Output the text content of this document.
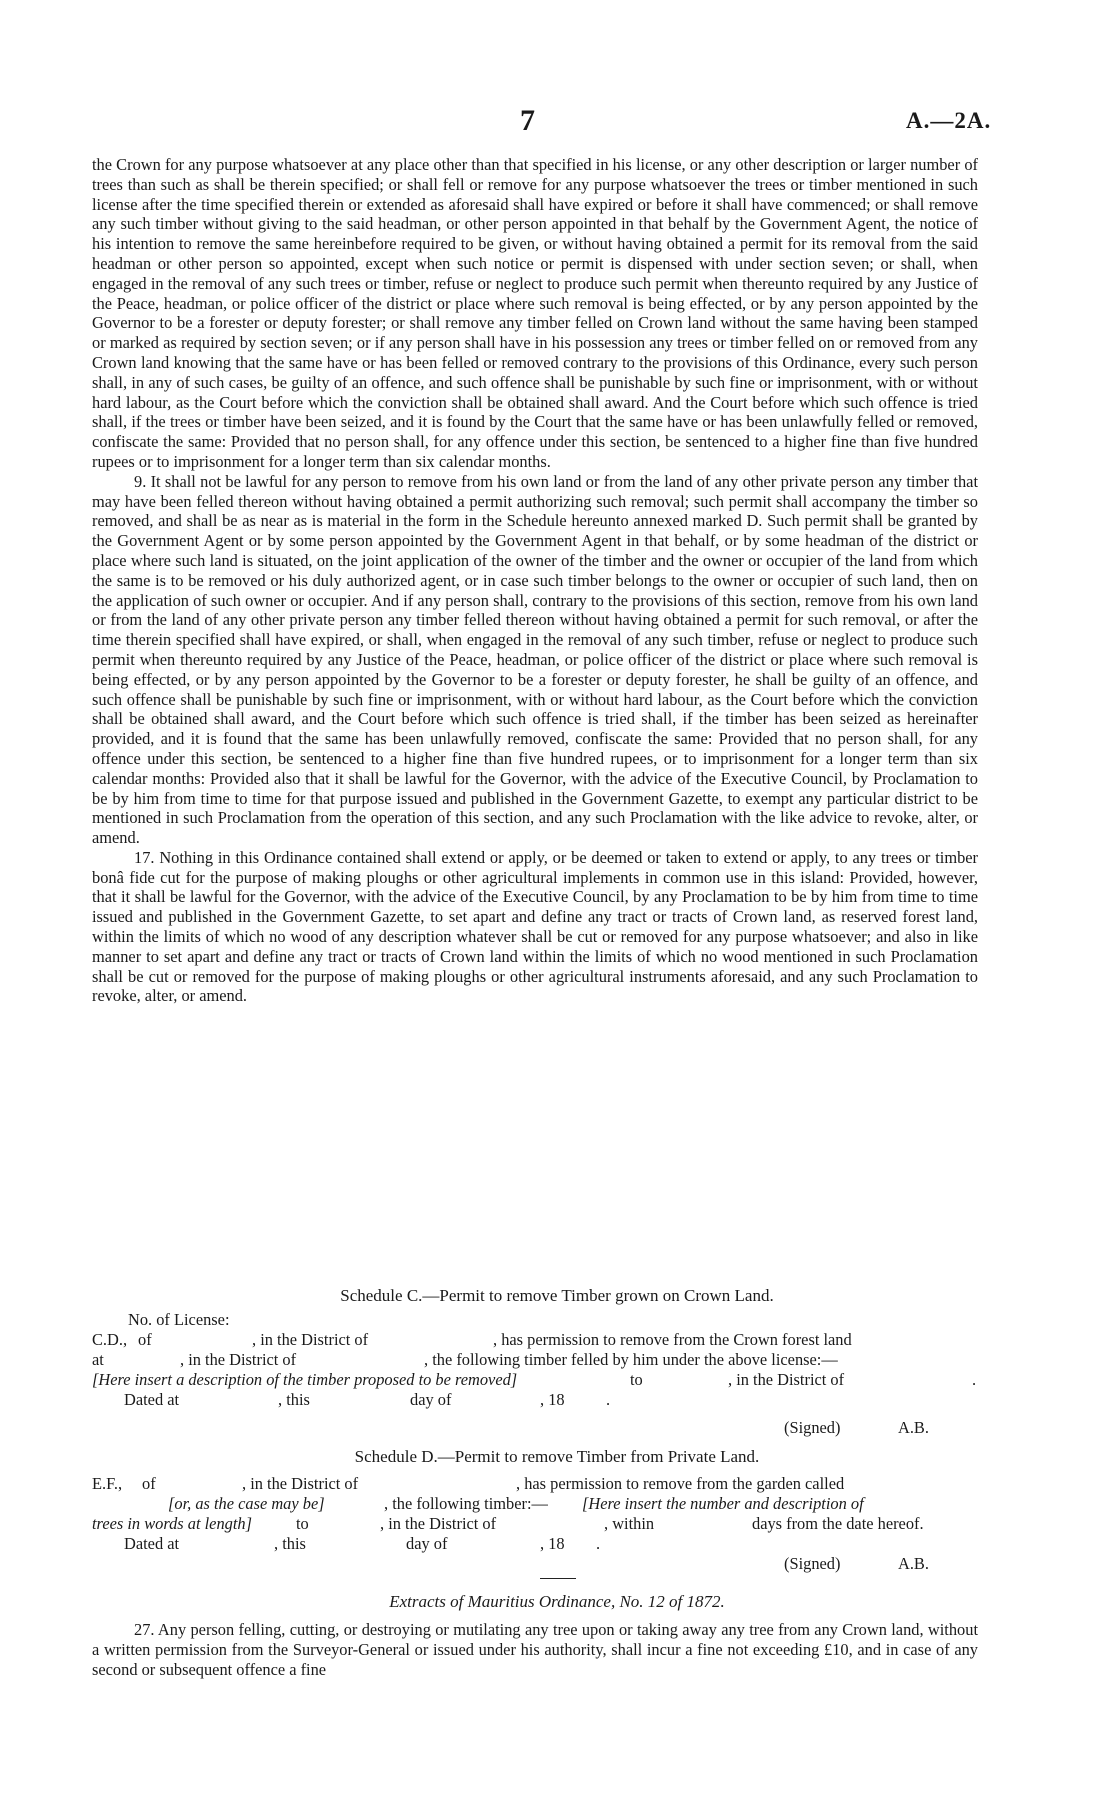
7	A.—2A.

the Crown for any purpose whatsoever at any place other than that specified in his license, or any other description or larger number of trees than such as shall be therein specified; or shall fell or remove for any purpose whatsoever the trees or timber mentioned in such license after the time specified therein or extended as aforesaid shall have expired or before it shall have commenced; or shall remove any such timber without giving to the said headman, or other person appointed in that behalf by the Government Agent, the notice of his intention to remove the same hereinbefore required to be given, or without having obtained a permit for its removal from the said headman or other person so appointed, except when such notice or permit is dispensed with under section seven; or shall, when engaged in the removal of any such trees or timber, refuse or neglect to produce such permit when thereunto required by any Justice of the Peace, headman, or police officer of the district or place where such removal is being effected, or by any person appointed by the Governor to be a forester or deputy forester; or shall remove any timber felled on Crown land without the same having been stamped or marked as required by section seven; or if any person shall have in his possession any trees or timber felled on or removed from any Crown land knowing that the same have or has been felled or removed contrary to the provisions of this Ordinance, every such person shall, in any of such cases, be guilty of an offence, and such offence shall be punishable by such fine or imprisonment, with or without hard labour, as the Court before which the conviction shall be obtained shall award. And the Court before which such offence is tried shall, if the trees or timber have been seized, and it is found by the Court that the same have or has been unlawfully felled or removed, confiscate the same: Provided that no person shall, for any offence under this section, be sentenced to a higher fine than five hundred rupees or to imprisonment for a longer term than six calendar months.

9. It shall not be lawful for any person to remove from his own land or from the land of any other private person any timber that may have been felled thereon without having obtained a permit authorizing such removal; such permit shall accompany the timber so removed, and shall be as near as is material in the form in the Schedule hereunto annexed marked D. Such permit shall be granted by the Government Agent or by some person appointed by the Government Agent in that behalf, or by some headman of the district or place where such land is situated, on the joint application of the owner of the timber and the owner or occupier of the land from which the same is to be removed or his duly authorized agent, or in case such timber belongs to the owner or occupier of such land, then on the application of such owner or occupier. And if any person shall, contrary to the provisions of this section, remove from his own land or from the land of any other private person any timber felled thereon without having obtained a permit for such removal, or after the time therein specified shall have expired, or shall, when engaged in the removal of any such timber, refuse or neglect to produce such permit when thereunto required by any Justice of the Peace, headman, or police officer of the district or place where such removal is being effected, or by any person appointed by the Governor to be a forester or deputy forester, he shall be guilty of an offence, and such offence shall be punishable by such fine or imprisonment, with or without hard labour, as the Court before which the conviction shall be obtained shall award, and the Court before which such offence is tried shall, if the timber has been seized as hereinafter provided, and it is found that the same has been unlawfully removed, confiscate the same: Provided that no person shall, for any offence under this section, be sentenced to a higher fine than five hundred rupees, or to imprisonment for a longer term than six calendar months: Provided also that it shall be lawful for the Governor, with the advice of the Executive Council, by Proclamation to be by him from time to time for that purpose issued and published in the Government Gazette, to exempt any particular district to be mentioned in such Proclamation from the operation of this section, and any such Proclamation with the like advice to revoke, alter, or amend.

17. Nothing in this Ordinance contained shall extend or apply, or be deemed or taken to extend or apply, to any trees or timber bonâ fide cut for the purpose of making ploughs or other agricultural implements in common use in this island: Provided, however, that it shall be lawful for the Governor, with the advice of the Executive Council, by any Proclamation to be by him from time to time issued and published in the Government Gazette, to set apart and define any tract or tracts of Crown land, as reserved forest land, within the limits of which no wood of any description whatever shall be cut or removed for any purpose whatsoever; and also in like manner to set apart and define any tract or tracts of Crown land within the limits of which no wood mentioned in such Proclamation shall be cut or removed for the purpose of making ploughs or other agricultural instruments aforesaid, and any such Proclamation to revoke, alter, or amend.

Schedule C.—Permit to remove Timber grown on Crown Land.
No. of License:
C.D., of	, in the District of	, has permission to remove from the Crown forest land
at	, in the District of	, the following timber felled by him under the above license:—
[Here insert a description of the timber proposed to be removed]	to	, in the District of	.
Dated at	, this	day of	, 18	.
(Signed)	A.B.
Schedule D.—Permit to remove Timber from Private Land.
E.F., of	, in the District of	, has permission to remove from the garden called
[or, as the case may be]	, the following timber:— [Here insert the number and description of
trees in words at length]	to	, in the District of	, within	days from the date hereof.
Dated at	, this	day of	, 18 .
(Signed)	A.B.
Extracts of Mauritius Ordinance, No. 12 of 1872.

27. Any person felling, cutting, or destroying or mutilating any tree upon or taking away any tree from any Crown land, without a written permission from the Surveyor-General or issued under his authority, shall incur a fine not exceeding £10, and in case of any second or subsequent offence a fine
